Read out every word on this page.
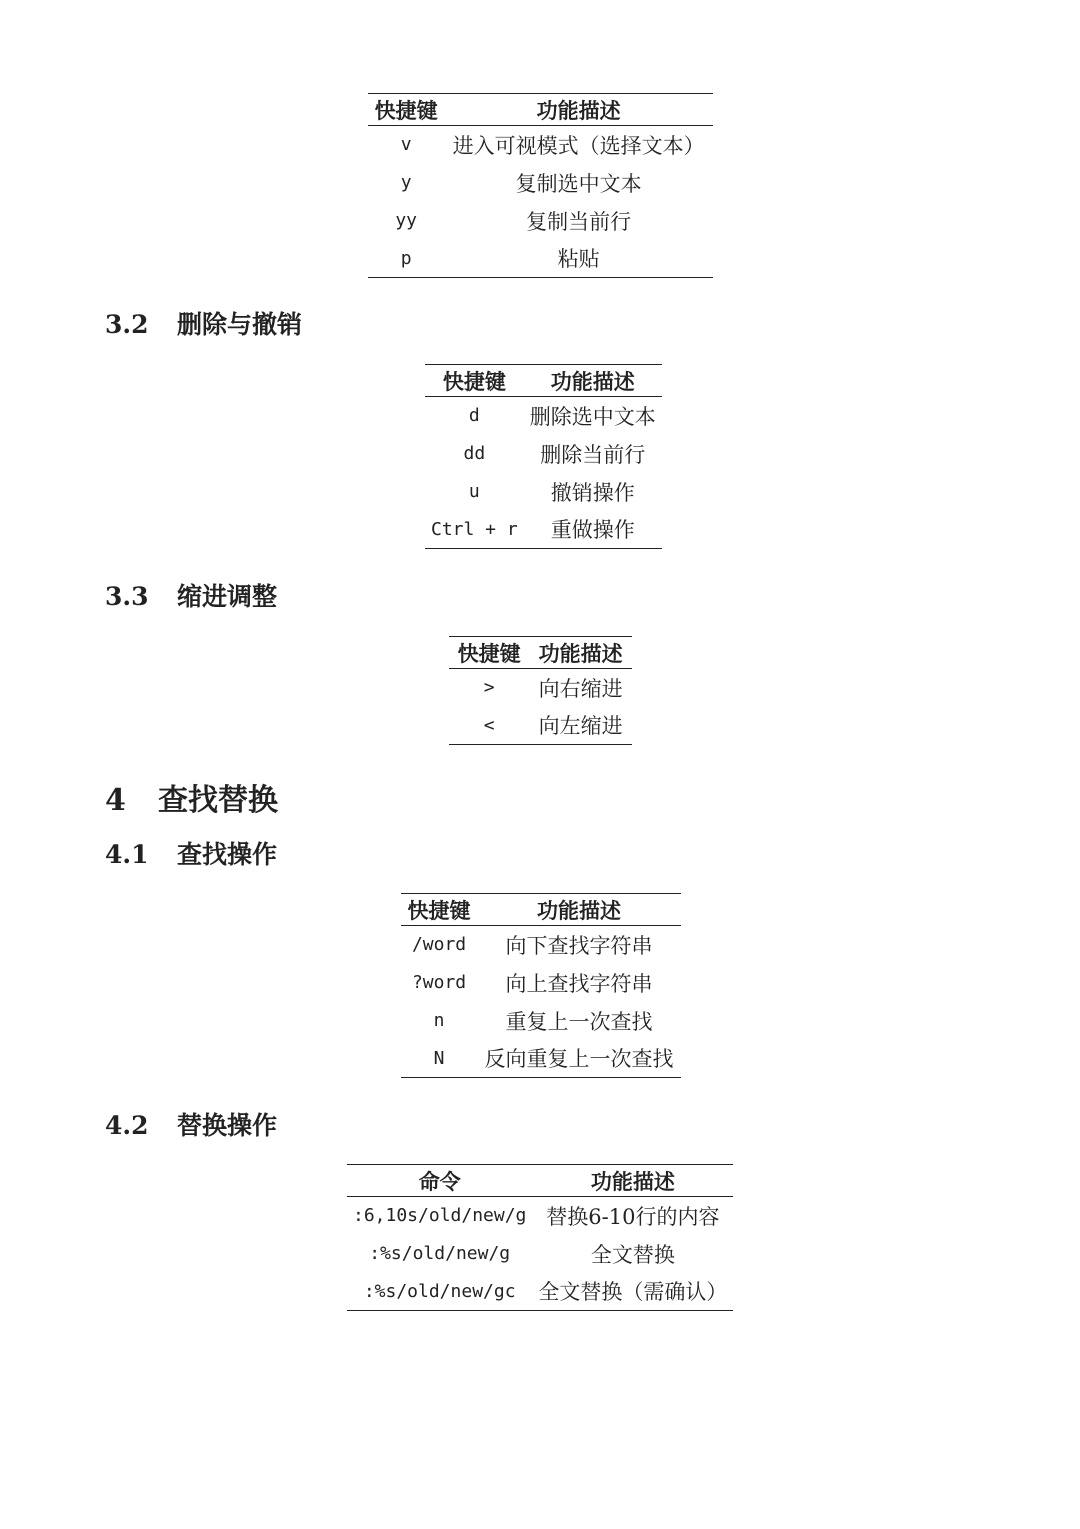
快捷键	功能描述
v	进入可视模式（选择文本）
y	复制选中文本
yy	复制当前行
p	粘贴
3.2 删除与撤销
快捷键	功能描述
d	删除选中文本
dd	删除当前行
u	撤销操作
Ctrl + r	重做操作
3.3 缩进调整
快捷键	功能描述
>	向右缩进
<	向左缩进
4 查找替换
4.1 查找操作
快捷键	功能描述
/word	向下查找字符串
?word	向上查找字符串
n	重复上一次查找
N	反向重复上一次查找
4.2 替换操作
命令	功能描述
:6,10s/old/new/g	替换6-10行的内容
:%s/old/new/g	全文替换
:%s/old/new/gc	全文替换（需确认）
